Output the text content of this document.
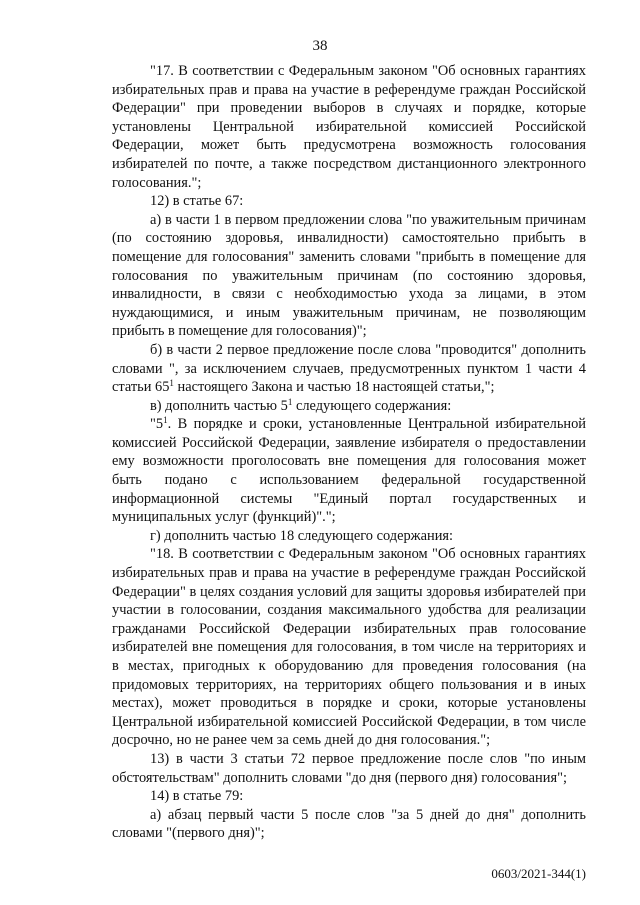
38

"17. В соответствии с Федеральным законом "Об основных гарантиях избирательных прав и права на участие в референдуме граждан Российской Федерации" при проведении выборов в случаях и порядке, которые установлены Центральной избирательной комиссией Российской Федерации, может быть предусмотрена возможность голосования избирателей по почте, а также посредством дистанционного электронного голосования.";

12) в статье 67:

а) в части 1 в первом предложении слова "по уважительным причинам (по состоянию здоровья, инвалидности) самостоятельно прибыть в помещение для голосования" заменить словами "прибыть в помещение для голосования по уважительным причинам (по состоянию здоровья, инвалидности, в связи с необходимостью ухода за лицами, в этом нуждающимися, и иным уважительным причинам, не позволяющим прибыть в помещение для голосования)";

б) в части 2 первое предложение после слова "проводится" дополнить словами ", за исключением случаев, предусмотренных пунктом 1 части 4 статьи $65^1$ настоящего Закона и частью 18 настоящей статьи,";

в) дополнить частью $5^1$ следующего содержания:

"$5^1$. В порядке и сроки, установленные Центральной избирательной комиссией Российской Федерации, заявление избирателя о предоставлении ему возможности проголосовать вне помещения для голосования может быть подано с использованием федеральной государственной информационной системы "Единый портал государственных и муниципальных услуг (функций)".";

г) дополнить частью 18 следующего содержания:

"18. В соответствии с Федеральным законом "Об основных гарантиях избирательных прав и права на участие в референдуме граждан Российской Федерации" в целях создания условий для защиты здоровья избирателей при участии в голосовании, создания максимального удобства для реализации гражданами Российской Федерации избирательных прав голосование избирателей вне помещения для голосования, в том числе на территориях и в местах, пригодных к оборудованию для проведения голосования (на придомовых территориях, на территориях общего пользования и в иных местах), может проводиться в порядке и сроки, которые установлены Центральной избирательной комиссией Российской Федерации, в том числе досрочно, но не ранее чем за семь дней до дня голосования.";

13) в части 3 статьи 72 первое предложение после слов "по иным обстоятельствам" дополнить словами "до дня (первого дня) голосования";

14) в статье 79:

а) абзац первый части 5 после слов "за 5 дней до дня" дополнить словами "(первого дня)";

0603/2021-344(1)
